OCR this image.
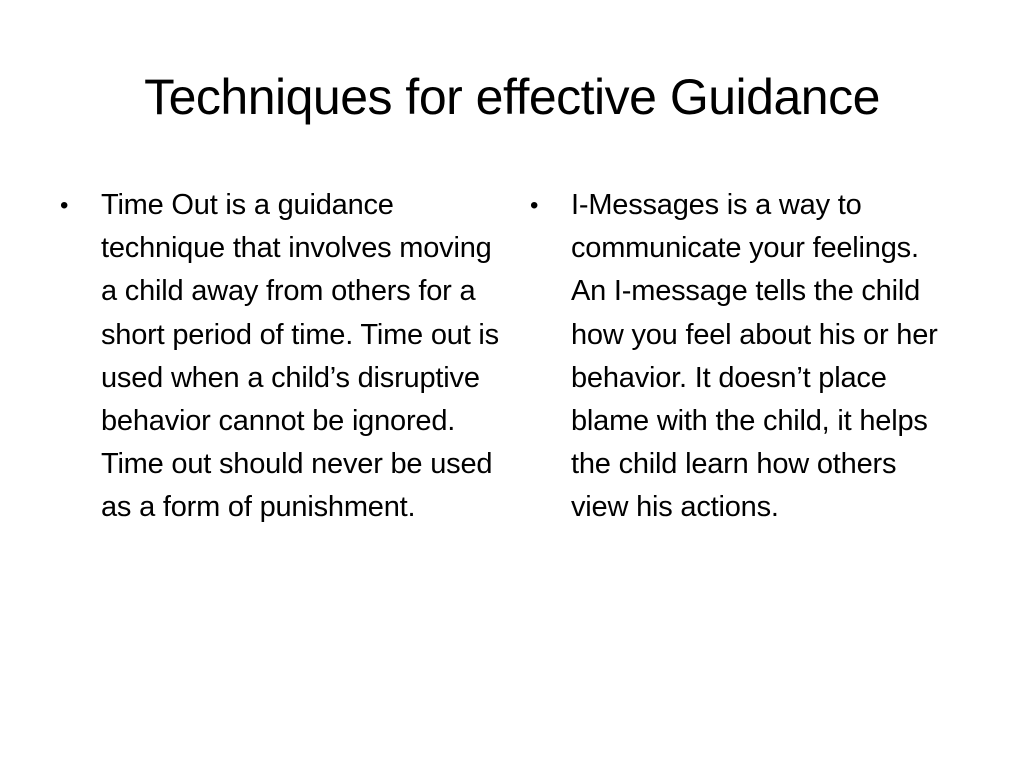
Techniques for effective Guidance
•	Time Out is a guidance technique that involves moving a child away from others for a short period of time. Time out is used when a child’s disruptive behavior cannot be ignored. Time out should never be used as a form of punishment.
•	I-Messages is a way to communicate your feelings. An I-message tells the child how you feel about his or her behavior. It doesn’t place blame with the child, it helps the child learn how others view his actions.
